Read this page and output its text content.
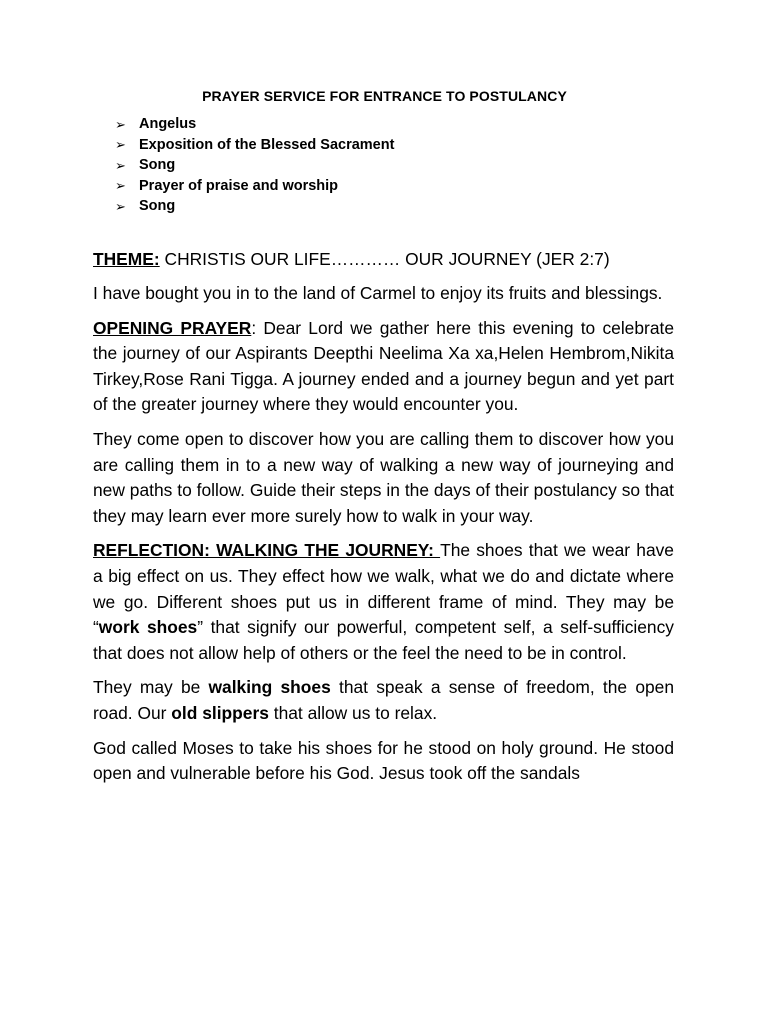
PRAYER SERVICE FOR ENTRANCE TO POSTULANCY
➢ Angelus
➢ Exposition of the Blessed Sacrament
➢ Song
➢ Prayer of praise and worship
➢ Song

THEME: CHRISTIS OUR LIFE………… OUR JOURNEY (JER 2:7)

I have bought you in to the land of Carmel to enjoy its fruits and blessings.

OPENING PRAYER: Dear Lord we gather here this evening to celebrate the journey of our Aspirants Deepthi Neelima Xa xa,Helen Hembrom,Nikita Tirkey,Rose Rani Tigga. A journey ended and a journey begun and yet part of the greater journey where they would encounter you.

They come open to discover how you are calling them to discover how you are calling them in to a new way of walking a new way of journeying and new paths to follow. Guide their steps in the days of their postulancy so that they may learn ever more surely how to walk in your way.

REFLECTION: WALKING THE JOURNEY: The shoes that we wear have a big effect on us. They effect how we walk, what we do and dictate where we go. Different shoes put us in different frame of mind. They may be “work shoes” that signify our powerful, competent self, a self-sufficiency that does not allow help of others or the feel the need to be in control.

They may be walking shoes that speak a sense of freedom, the open road. Our old slippers that allow us to relax.

God called Moses to take his shoes for he stood on holy ground. He stood open and vulnerable before his God. Jesus took off the sandals
